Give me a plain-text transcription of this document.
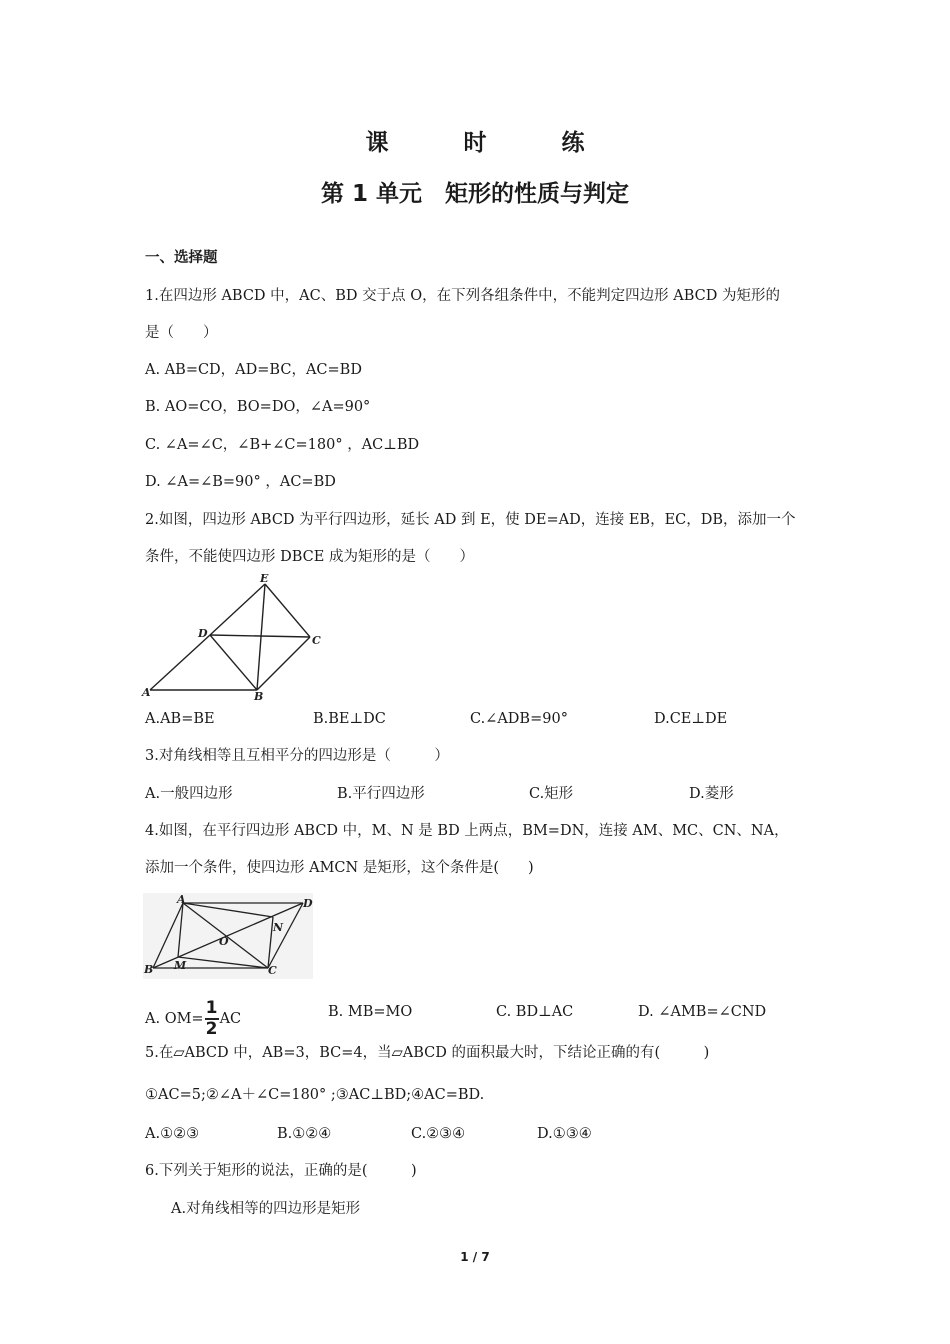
课　时　练
第 1 单元　矩形的性质与判定
一、选择题
1.在四边形 ABCD 中，AC、BD 交于点 O，在下列各组条件中，不能判定四边形 ABCD 为矩形的
是（　　）
A. AB=CD，AD=BC，AC=BD
B. AO=CO，BO=DO，∠A=90°
C. ∠A=∠C，∠B+∠C=180° ，AC⊥BD
D. ∠A=∠B=90° ，AC=BD
2.如图，四边形 ABCD 为平行四边形，延长 AD 到 E，使 DE=AD，连接 EB，EC，DB，添加一个
条件，不能使四边形 DBCE 成为矩形的是（　　）
E
D
C
A	B
A.AB=BE	B.BE⊥DC	C.∠ADB=90°	D.CE⊥DE
3.对角线相等且互相平分的四边形是（　　　）
A.一般四边形	B.平行四边形	C.矩形	D.菱形
4.如图，在平行四边形 ABCD 中，M、N 是 BD 上两点，BM=DN，连接 AM、MC、CN、NA，
添加一个条件，使四边形 AMCN 是矩形，这个条件是(　　)
A	D
N
O
B M	C
A. $OM= \frac{1}{2}$ AC	B. MB=MO	C. BD⊥AC	D. ∠AMB=∠CND
5.在▱ABCD 中，AB=3，BC=4，当▱ABCD 的面积最大时，下结论正确的有(　　　)
①AC=5;②∠A＋∠C=180° ;③AC⊥BD;④AC=BD.
A.①②③	B.①②④	C.②③④	D.①③④
6.下列关于矩形的说法，正确的是(　　　)
A.对角线相等的四边形是矩形
1 / 7
